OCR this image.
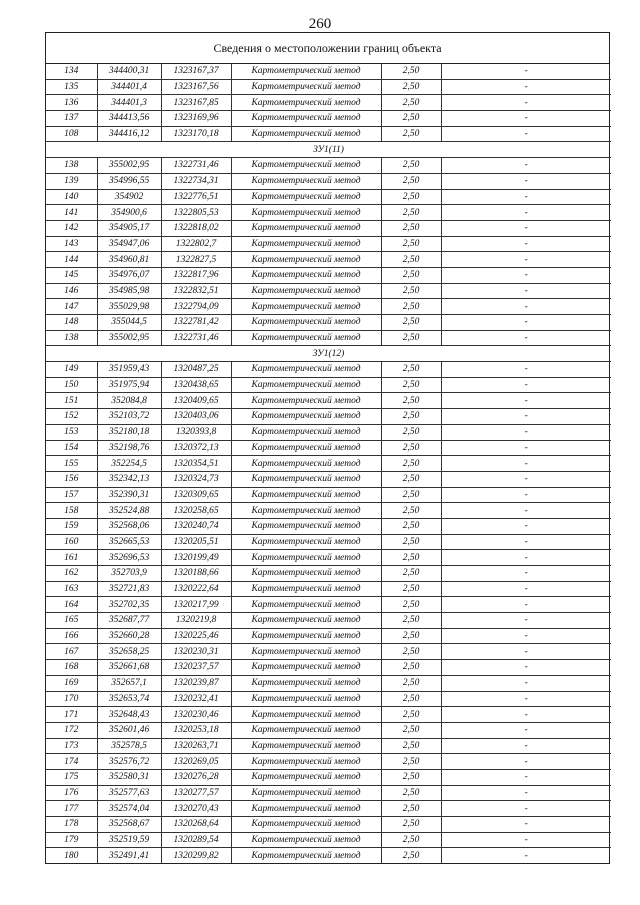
260
Сведения о местоположении границ объекта
134	344400,31	1323167,37	Картометрический метод	2,50	-
135	344401,4	1323167,56	Картометрический метод	2,50	-
136	344401,3	1323167,85	Картометрический метод	2,50	-
137	344413,56	1323169,96	Картометрический метод	2,50	-
108	344416,12	1323170,18	Картометрический метод	2,50	-
ЗУ1(11)					
138	355002,95	1322731,46	Картометрический метод	2,50	-
139	354996,55	1322734,31	Картометрический метод	2,50	-
140	354902	1322776,51	Картометрический метод	2,50	-
141	354900,6	1322805,53	Картометрический метод	2,50	-
142	354905,17	1322818,02	Картометрический метод	2,50	-
143	354947,06	1322802,7	Картометрический метод	2,50	-
144	354960,81	1322827,5	Картометрический метод	2,50	-
145	354976,07	1322817,96	Картометрический метод	2,50	-
146	354985,98	1322832,51	Картометрический метод	2,50	-
147	355029,98	1322794,09	Картометрический метод	2,50	-
148	355044,5	1322781,42	Картометрический метод	2,50	-
138	355002,95	1322731,46	Картометрический метод	2,50	-
ЗУ1(12)					
149	351959,43	1320487,25	Картометрический метод	2,50	-
150	351975,94	1320438,65	Картометрический метод	2,50	-
151	352084,8	1320409,65	Картометрический метод	2,50	-
152	352103,72	1320403,06	Картометрический метод	2,50	-
153	352180,18	1320393,8	Картометрический метод	2,50	-
154	352198,76	1320372,13	Картометрический метод	2,50	-
155	352254,5	1320354,51	Картометрический метод	2,50	-
156	352342,13	1320324,73	Картометрический метод	2,50	-
157	352390,31	1320309,65	Картометрический метод	2,50	-
158	352524,88	1320258,65	Картометрический метод	2,50	-
159	352568,06	1320240,74	Картометрический метод	2,50	-
160	352665,53	1320205,51	Картометрический метод	2,50	-
161	352696,53	1320199,49	Картометрический метод	2,50	-
162	352703,9	1320188,66	Картометрический метод	2,50	-
163	352721,83	1320222,64	Картометрический метод	2,50	-
164	352702,35	1320217,99	Картометрический метод	2,50	-
165	352687,77	1320219,8	Картометрический метод	2,50	-
166	352660,28	1320225,46	Картометрический метод	2,50	-
167	352658,25	1320230,31	Картометрический метод	2,50	-
168	352661,68	1320237,57	Картометрический метод	2,50	-
169	352657,1	1320239,87	Картометрический метод	2,50	-
170	352653,74	1320232,41	Картометрический метод	2,50	-
171	352648,43	1320230,46	Картометрический метод	2,50	-
172	352601,46	1320253,18	Картометрический метод	2,50	-
173	352578,5	1320263,71	Картометрический метод	2,50	-
174	352576,72	1320269,05	Картометрический метод	2,50	-
175	352580,31	1320276,28	Картометрический метод	2,50	-
176	352577,63	1320277,57	Картометрический метод	2,50	-
177	352574,04	1320270,43	Картометрический метод	2,50	-
178	352568,67	1320268,64	Картометрический метод	2,50	-
179	352519,59	1320289,54	Картометрический метод	2,50	-
180	352491,41	1320299,82	Картометрический метод	2,50	-
